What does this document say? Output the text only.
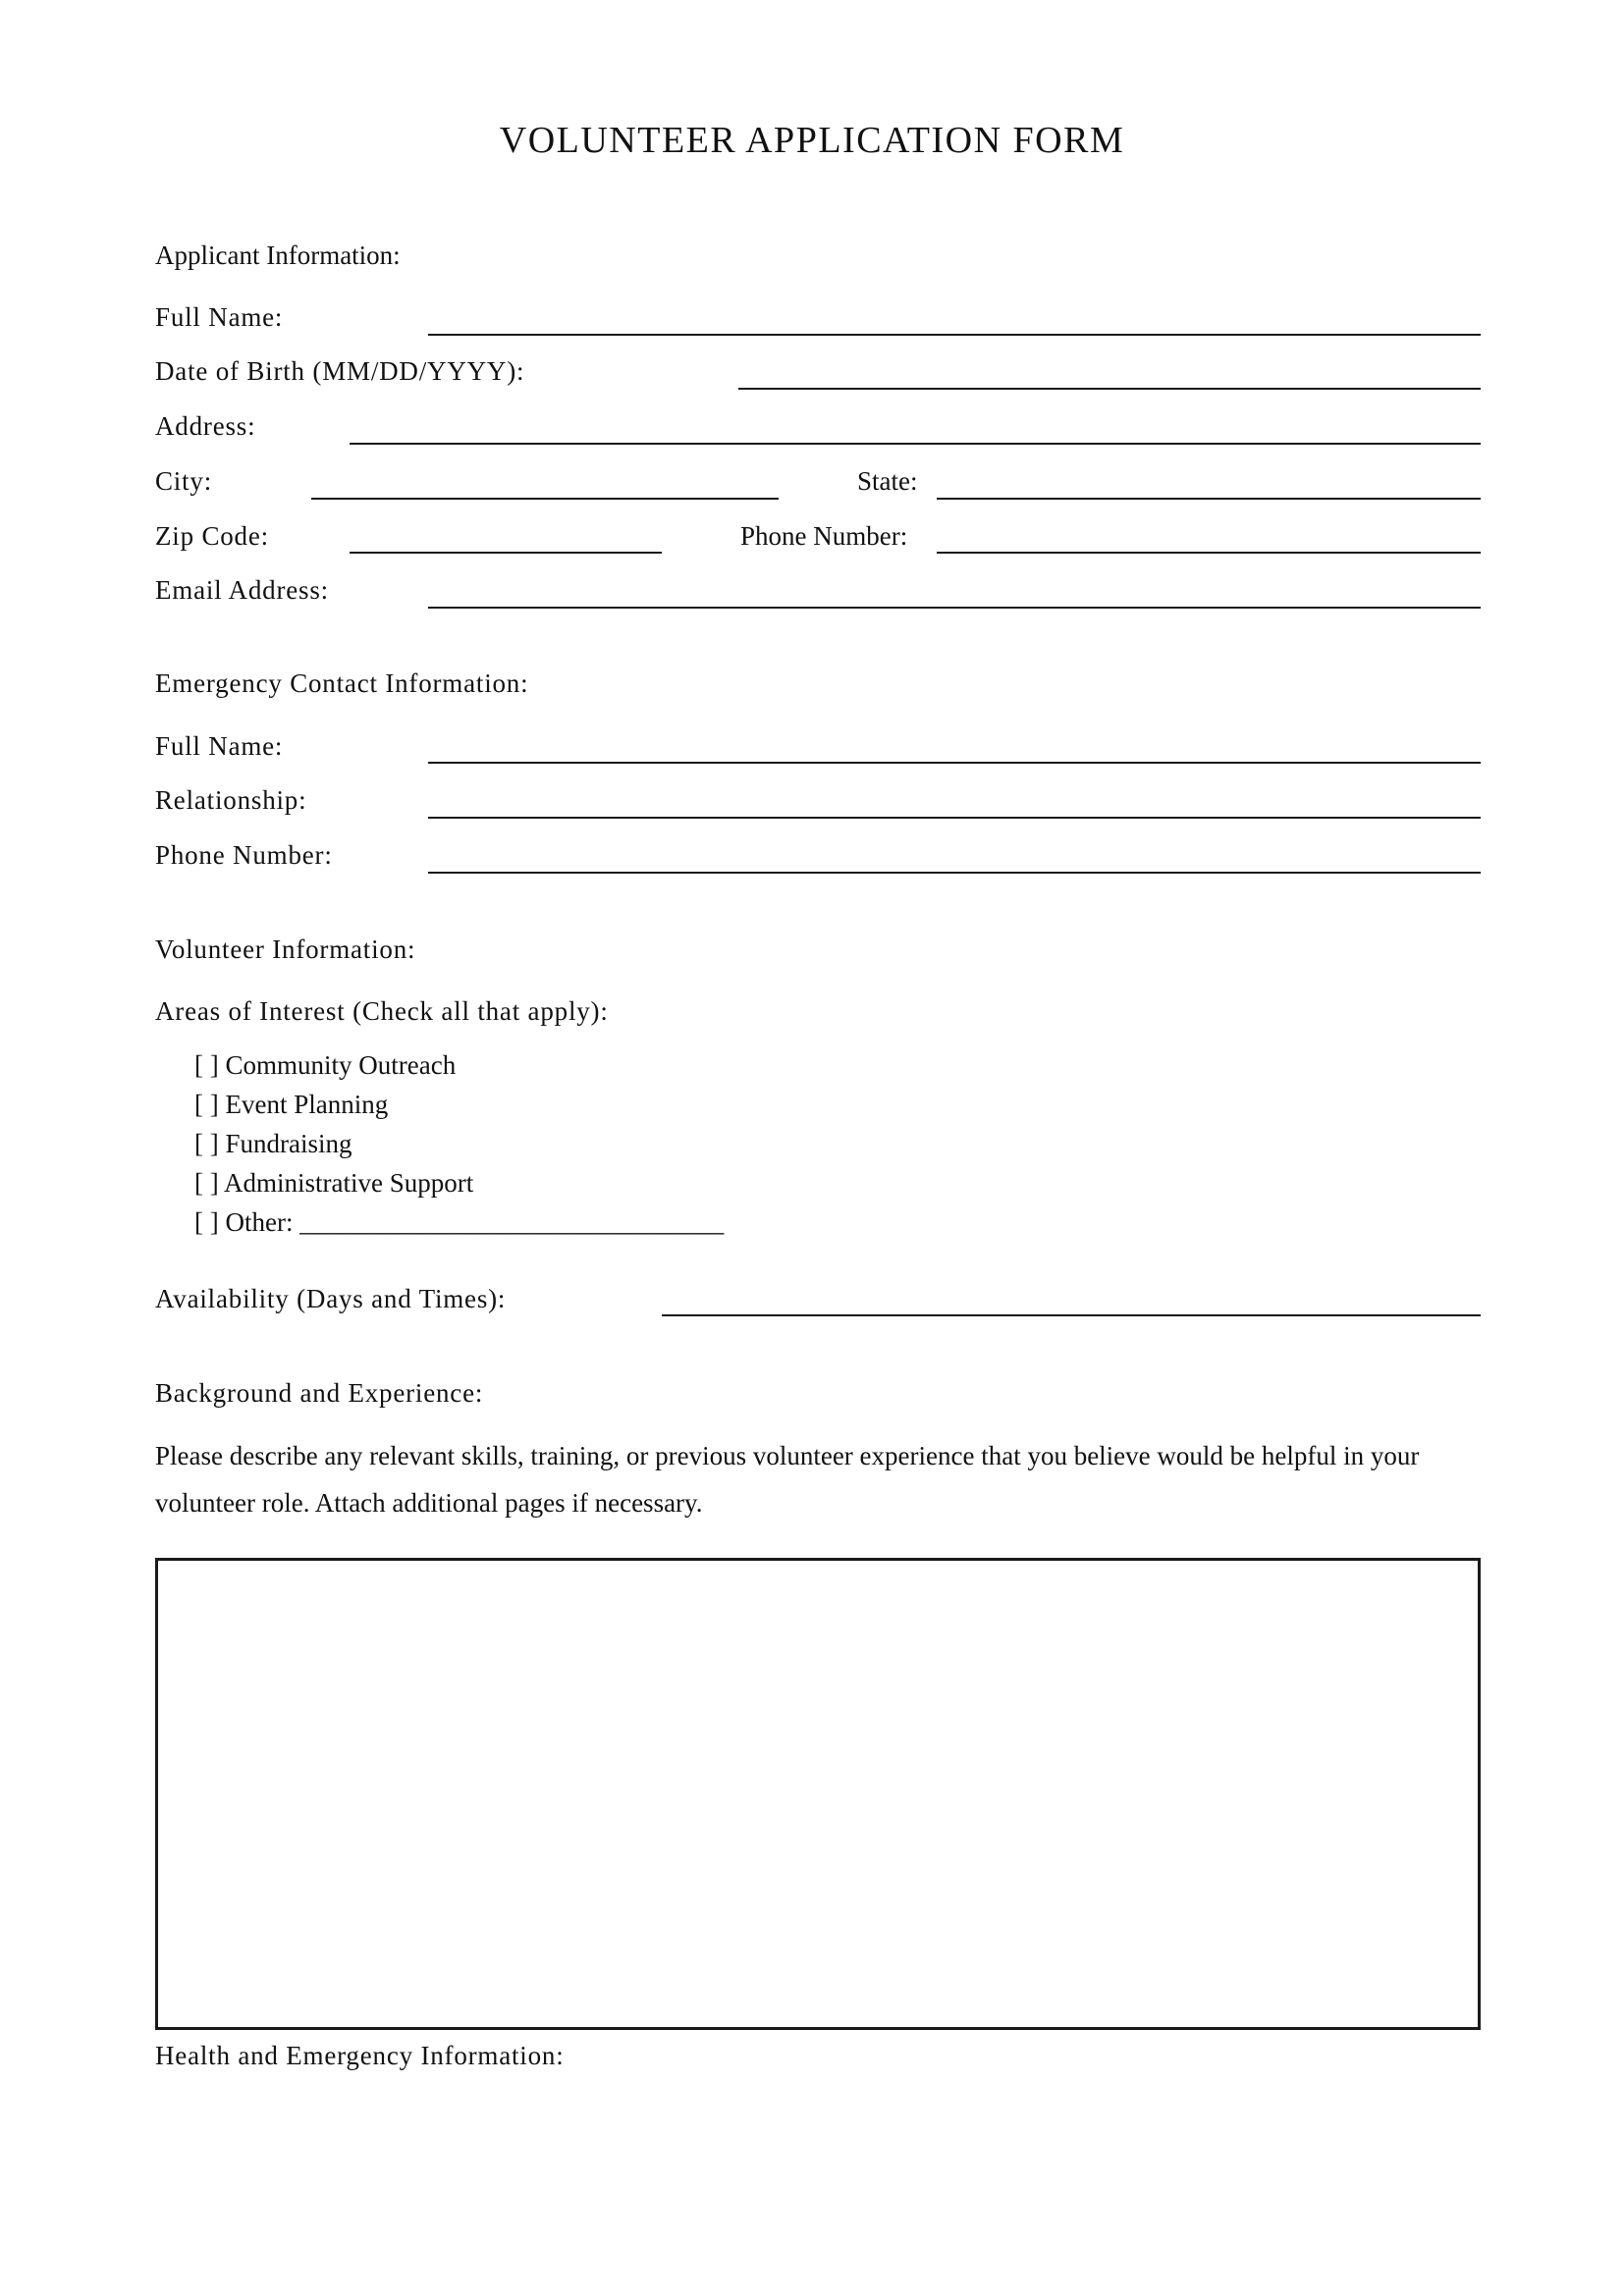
VOLUNTEER APPLICATION FORM
Applicant Information:
Full Name:
Date of Birth (MM/DD/YYYY):
Address:
City:	State:
Zip Code:	Phone Number:
Email Address:
Emergency Contact Information:
Full Name:
Relationship:
Phone Number:
Volunteer Information:
Areas of Interest (Check all that apply):
[ ] Community Outreach
[ ] Event Planning
[ ] Fundraising
[ ] Administrative Support
[ ] Other: ________________________________
Availability (Days and Times):
Background and Experience:
Please describe any relevant skills, training, or previous volunteer experience that you believe would be helpful in your
volunteer role. Attach additional pages if necessary.
Health and Emergency Information:
